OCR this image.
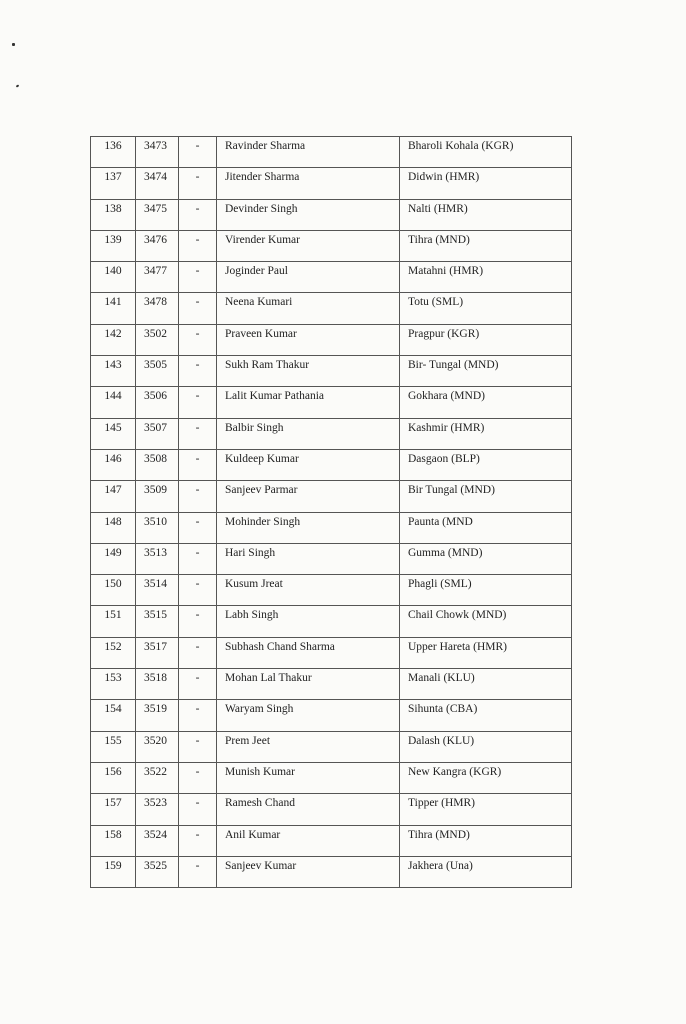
136	3473	-	Ravinder Sharma	Bharoli Kohala (KGR)

137	3474	-	Jitender Sharma	Didwin (HMR)

138	3475	-	Devinder Singh	Nalti (HMR)

139	3476	-	Virender Kumar	Tihra (MND)

140	3477	-	Joginder Paul	Matahni (HMR)

141	3478	-	Neena Kumari	Totu (SML)

142	3502	-	Praveen Kumar	Pragpur (KGR)

143	3505	-	Sukh Ram Thakur	Bir- Tungal (MND)

144	3506	-	Lalit Kumar Pathania	Gokhara (MND)

145	3507	-	Balbir Singh	Kashmir (HMR)

146	3508	-	Kuldeep Kumar	Dasgaon (BLP)

147	3509	-	Sanjeev Parmar	Bir Tungal (MND)

148	3510	-	Mohinder Singh	Paunta (MND

149	3513	-	Hari Singh	Gumma (MND)

150	3514	-	Kusum Jreat	Phagli (SML)

151	3515	-	Labh Singh	Chail Chowk (MND)

152	3517	-	Subhash Chand Sharma	Upper Hareta (HMR)

153	3518	-	Mohan Lal Thakur	Manali (KLU)

154	3519	-	Waryam Singh	Sihunta (CBA)

155	3520	-	Prem Jeet	Dalash (KLU)

156	3522	-	Munish Kumar	New Kangra (KGR)

157	3523	-	Ramesh Chand	Tipper (HMR)

158	3524	-	Anil Kumar	Tihra (MND)

159	3525	-	Sanjeev Kumar	Jakhera (Una)
